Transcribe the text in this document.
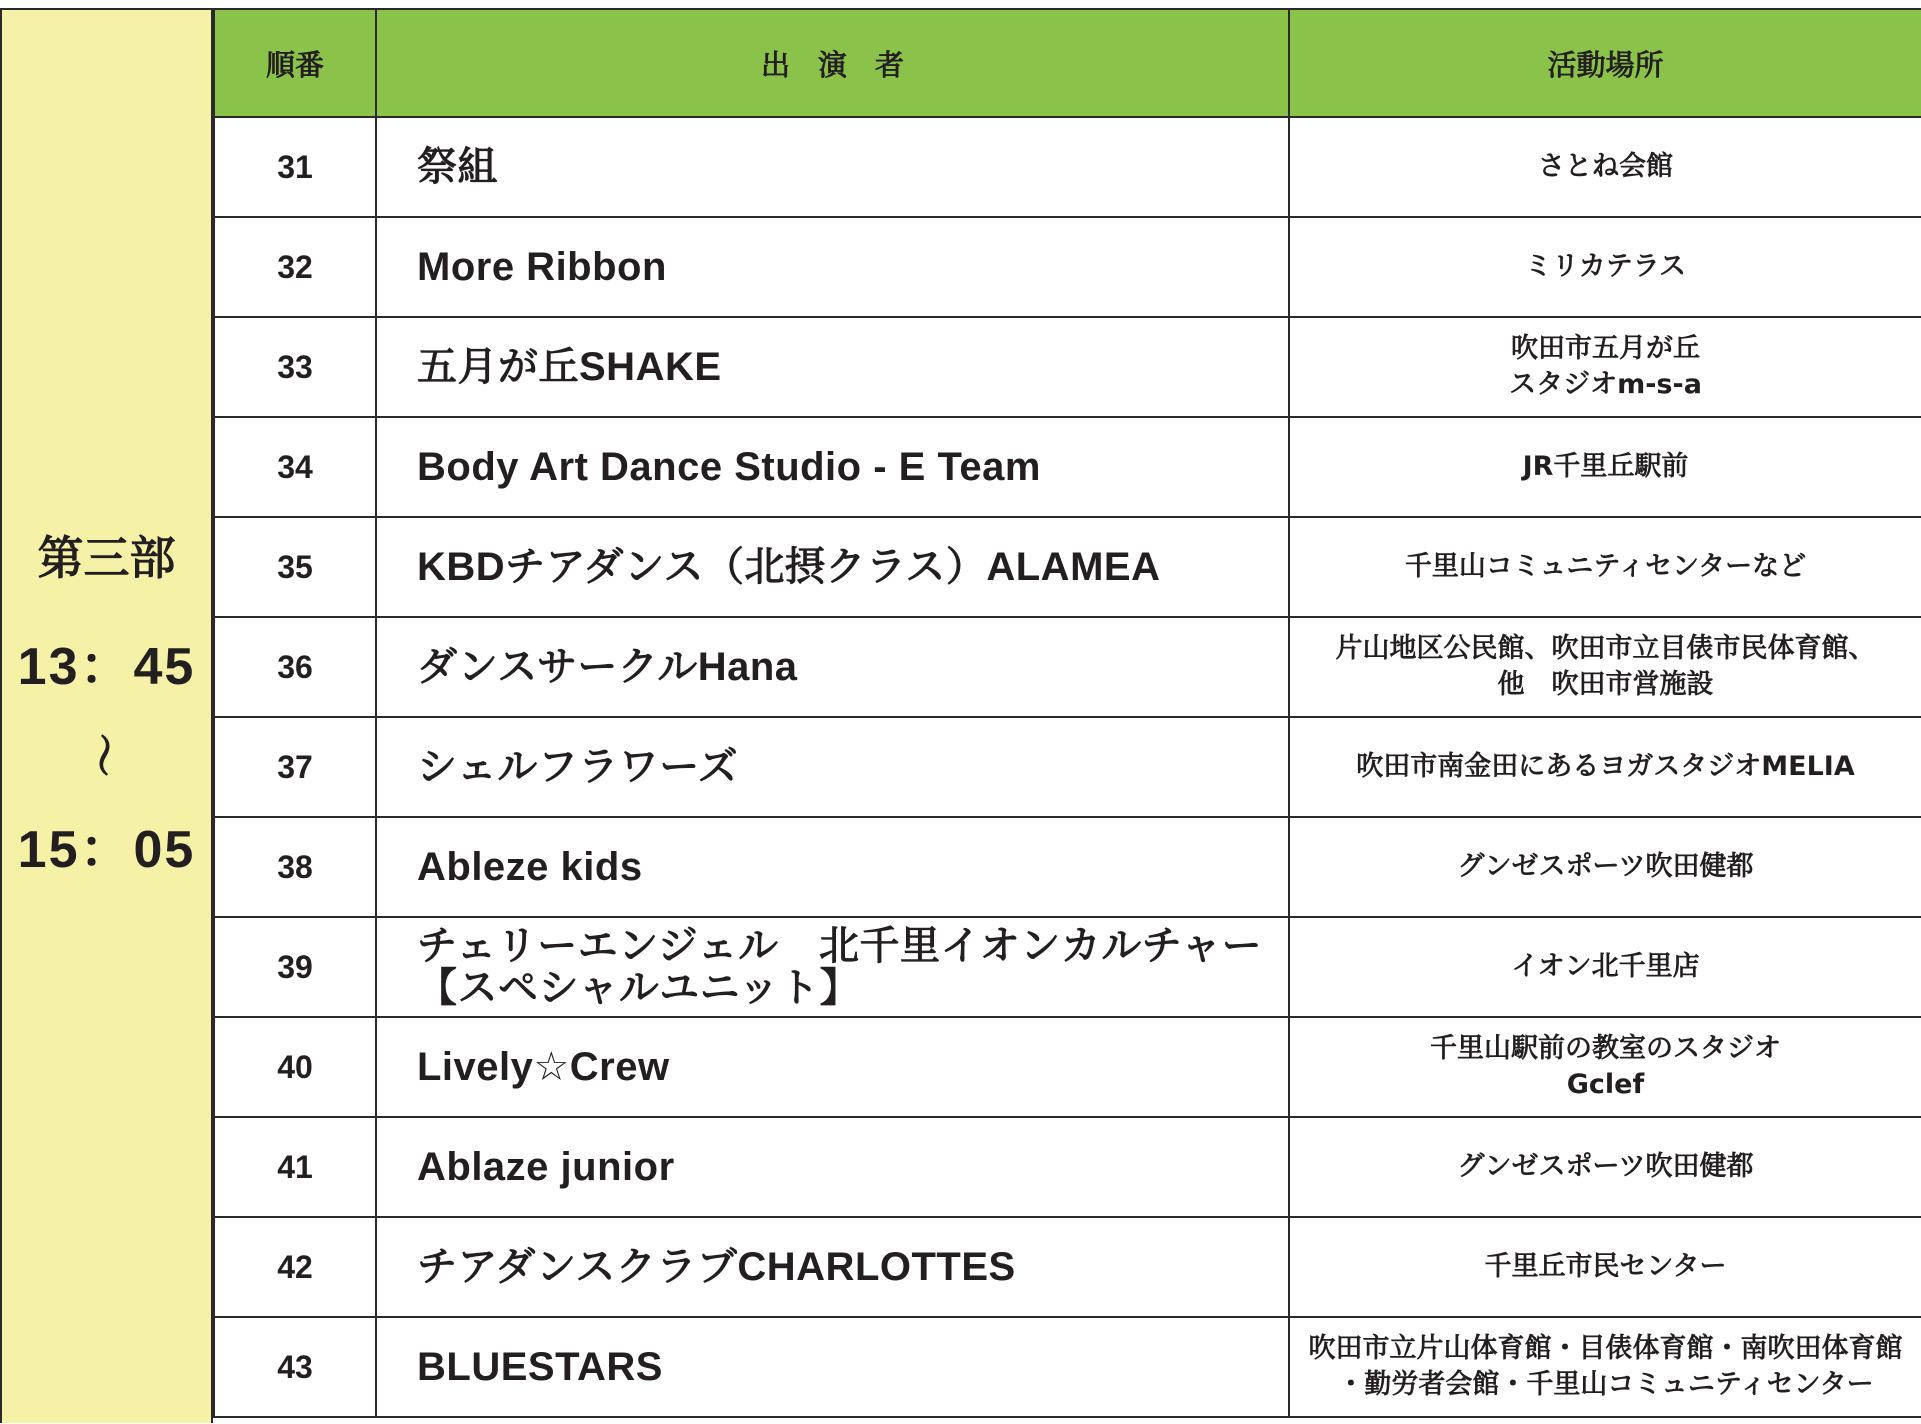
第三部
13：45
～
15：05
順番	出演者	活動場所
31	祭組	さとね会館

32	More Ribbon	ミリカテラス

33	五月が丘SHAKE	吹田市五月が丘
スタジオm-s-a

34	Body Art Dance Studio - E Team	JR千里丘駅前

35	KBDチアダンス（北摂クラス）ALAMEA	千里山コミュニティセンターなど

36	ダンスサークルHana	片山地区公民館、吹田市立目俵市民体育館、
他　吹田市営施設

37	シェルフラワーズ	吹田市南金田にあるヨガスタジオMELIA

38	Ableze kids	グンゼスポーツ吹田健都

39	チェリーエンジェル　北千里イオンカルチャー
【スペシャルユニット】	イオン北千里店

40	Lively☆Crew	千里山駅前の教室のスタジオ
Gclef

41	Ablaze junior	グンゼスポーツ吹田健都

42	チアダンスクラブCHARLOTTES	千里丘市民センター

43	BLUESTARS	吹田市立片山体育館・目俵体育館・南吹田体育館
・勤労者会館・千里山コミュニティセンター
